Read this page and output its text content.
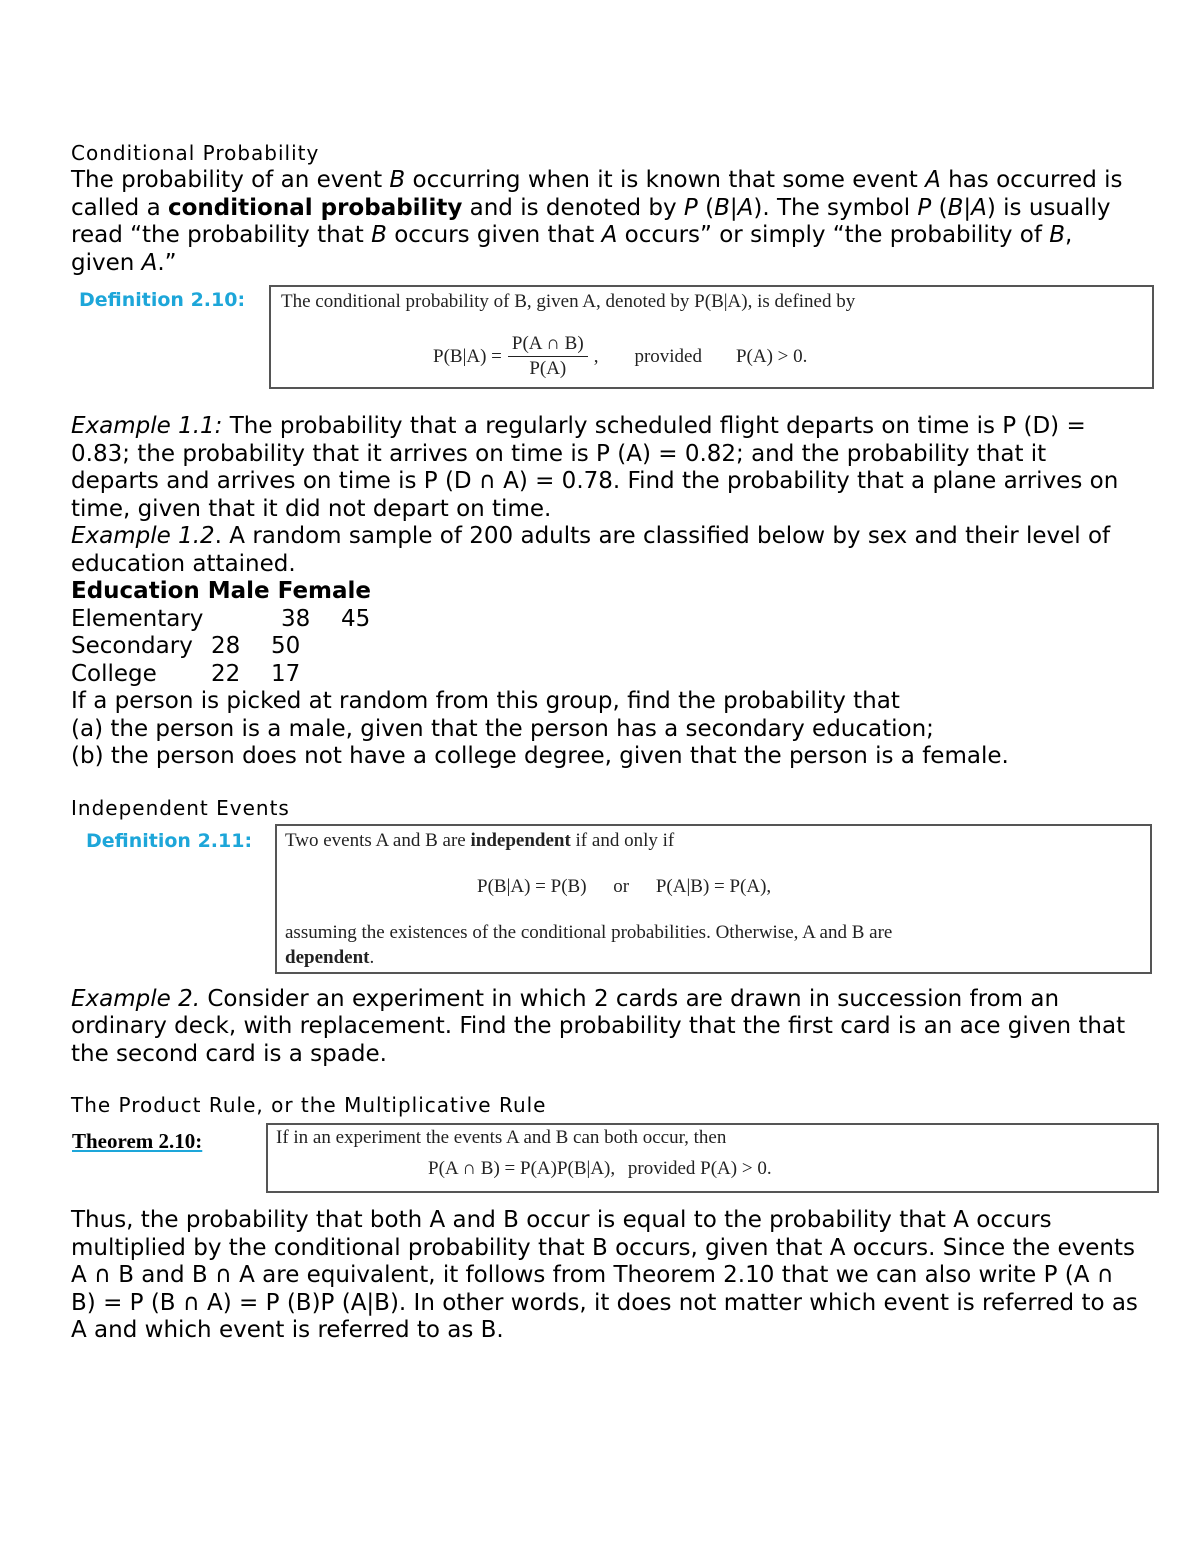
Conditional Probability

The probability of an event B occurring when it is known that some event A has occurred is called a conditional probability and is denoted by P (B|A). The symbol P (B|A) is usually read “the probability that B occurs given that A occurs” or simply “the probability of B, given A.”

Definition 2.10: The conditional probability of B, given A, denoted by P(B|A), is defined by
$P(B|A) = \frac{P(A \cap B)}{P(A)}$ , provided P(A) > 0.

Example 1.1: The probability that a regularly scheduled flight departs on time is P (D) = 0.83; the probability that it arrives on time is P (A) = 0.82; and the probability that it departs and arrives on time is P (D ∩ A) = 0.78. Find the probability that a plane arrives on time, given that it did not depart on time.

Example 1.2. A random sample of 200 adults are classified below by sex and their level of education attained.

Education Male Female

Elementary	38	45
Secondary 28	50
College	22	17

If a person is picked at random from this group, find the probability that

(a) the person is a male, given that the person has a secondary education;

(b) the person does not have a college degree, given that the person is a female.

Independent Events

Definition 2.11: Two events A and B are independent if and only if
P(B|A) = P(B) or P(A|B) = P(A),
assuming the existences of the conditional probabilities. Otherwise, A and B are
dependent.

Example 2. Consider an experiment in which 2 cards are drawn in succession from an ordinary deck, with replacement. Find the probability that the first card is an ace given that the second card is a spade.

The Product Rule, or the Multiplicative Rule

Theorem 2.10:	If in an experiment the events A and B can both occur, then
P(A ∩ B) = P(A)P(B|A), provided P(A) > 0.

Thus, the probability that both A and B occur is equal to the probability that A occurs multiplied by the conditional probability that B occurs, given that A occurs. Since the events A ∩ B and B ∩ A are equivalent, it follows from Theorem 2.10 that we can also write P (A ∩ B) = P (B ∩ A) = P (B)P (A|B). In other words, it does not matter which event is referred to as A and which event is referred to as B.
